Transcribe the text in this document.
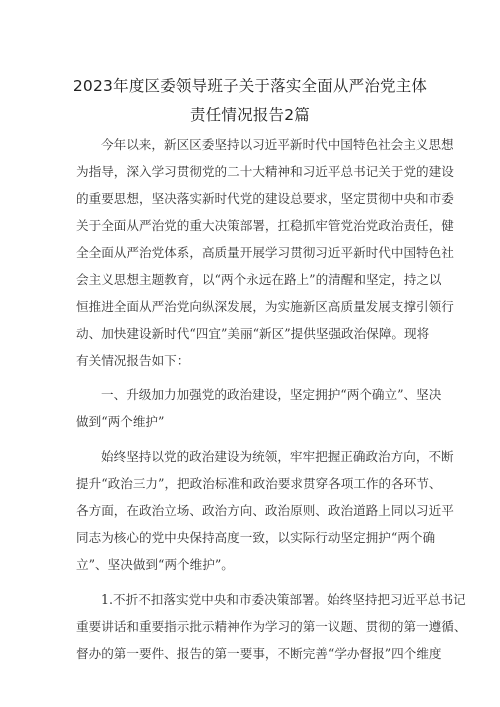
2023年度区委领导班子关于落实全面从严治党主体
责任情况报告2篇
今年以来，新区区委坚持以习近平新时代中国特色社会主义思想
为指导，深入学习贯彻党的二十大精神和习近平总书记关于党的建设
的重要思想，坚决落实新时代党的建设总要求，坚定贯彻中央和市委
关于全面从严治党的重大决策部署，扛稳抓牢管党治党政治责任，健
全全面从严治党体系，高质量开展学习贯彻习近平新时代中国特色社
会主义思想主题教育，以“两个永远在路上”的清醒和坚定，持之以
恒推进全面从严治党向纵深发展，为实施新区高质量发展支撑引领行
动、加快建设新时代“四宜”美丽“新区”提供坚强政治保障。现将
有关情况报告如下：
一、升级加力加强党的政治建设，坚定拥护“两个确立”、坚决
做到“两个维护”
始终坚持以党的政治建设为统领，牢牢把握正确政治方向，不断
提升“政治三力”，把政治标准和政治要求贯穿各项工作的各环节、
各方面，在政治立场、政治方向、政治原则、政治道路上同以习近平
同志为核心的党中央保持高度一致，以实际行动坚定拥护“两个确
立”、坚决做到“两个维护”。
1.不折不扣落实党中央和市委决策部署。始终坚持把习近平总书记
重要讲话和重要指示批示精神作为学习的第一议题、贯彻的第一遵循、
督办的第一要件、报告的第一要事，不断完善“学办督报”四个维度
